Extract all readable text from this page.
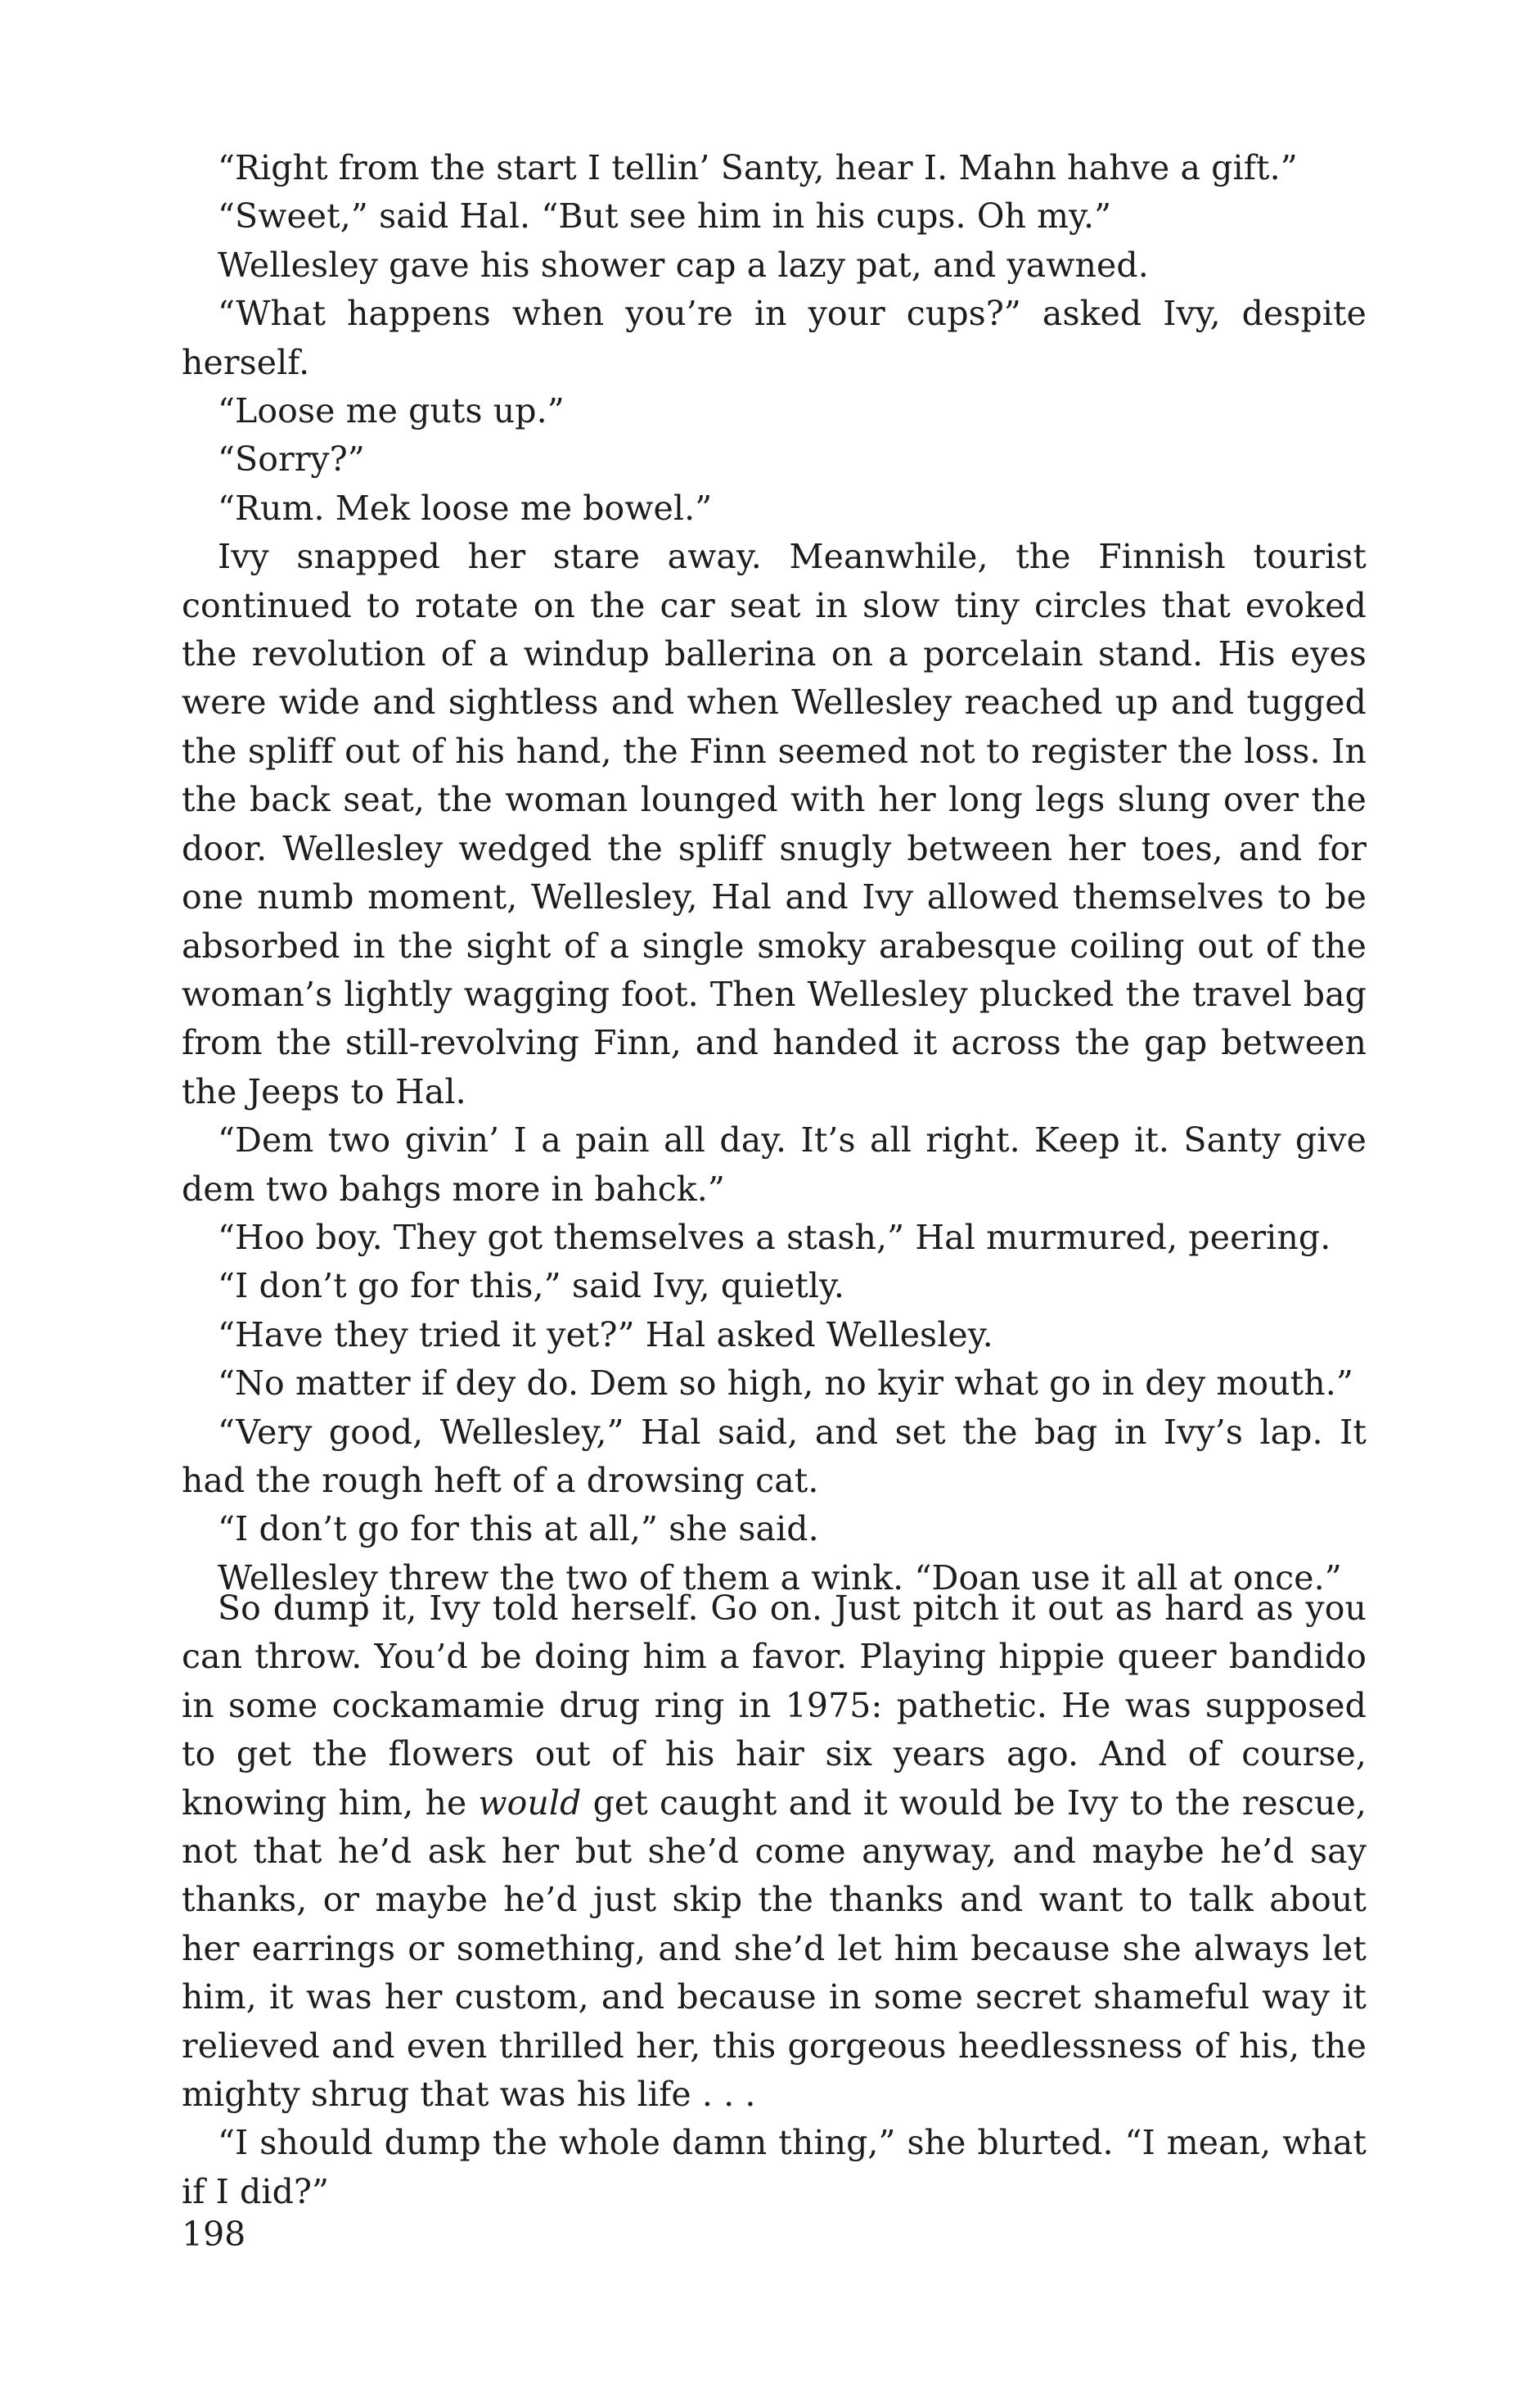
“Right from the start I tellin’ Santy, hear I. Mahn hahve a gift.”

“Sweet,” said Hal. “But see him in his cups. Oh my.”

Wellesley gave his shower cap a lazy pat, and yawned.

“What happens when you’re in your cups?” asked Ivy, despite herself.

“Loose me guts up.”

“Sorry?”

“Rum. Mek loose me bowel.”

Ivy snapped her stare away. Meanwhile, the Finnish tourist continued to rotate on the car seat in slow tiny circles that evoked the revolution of a windup ballerina on a porcelain stand. His eyes were wide and sightless and when Wellesley reached up and tugged the spliff out of his hand, the Finn seemed not to register the loss. In the back seat, the woman lounged with her long legs slung over the door. Wellesley wedged the spliff snugly between her toes, and for one numb moment, Wellesley, Hal and Ivy allowed themselves to be absorbed in the sight of a single smoky arabesque coiling out of the woman’s lightly wagging foot. Then Wellesley plucked the travel bag from the still-revolving Finn, and handed it across the gap between the Jeeps to Hal.

“Dem two givin’ I a pain all day. It’s all right. Keep it. Santy give dem two bahgs more in bahck.”

“Hoo boy. They got themselves a stash,” Hal murmured, peering.

“I don’t go for this,” said Ivy, quietly.

“Have they tried it yet?” Hal asked Wellesley.

“No matter if dey do. Dem so high, no kyir what go in dey mouth.”

“Very good, Wellesley,” Hal said, and set the bag in Ivy’s lap. It had the rough heft of a drowsing cat.

“I don’t go for this at all,” she said.

Wellesley threw the two of them a wink. “Doan use it all at once.”

So dump it, Ivy told herself. Go on. Just pitch it out as hard as you can throw. You’d be doing him a favor. Playing hippie queer bandido in some cockamamie drug ring in 1975: pathetic. He was supposed to get the flowers out of his hair six years ago. And of course, knowing him, he would get caught and it would be Ivy to the rescue, not that he’d ask her but she’d come anyway, and maybe he’d say thanks, or maybe he’d just skip the thanks and want to talk about her earrings or something, and she’d let him because she always let him, it was her custom, and because in some secret shameful way it relieved and even thrilled her, this gorgeous heedlessness of his, the mighty shrug that was his life . . .

“I should dump the whole damn thing,” she blurted. “I mean, what if I did?”

198
